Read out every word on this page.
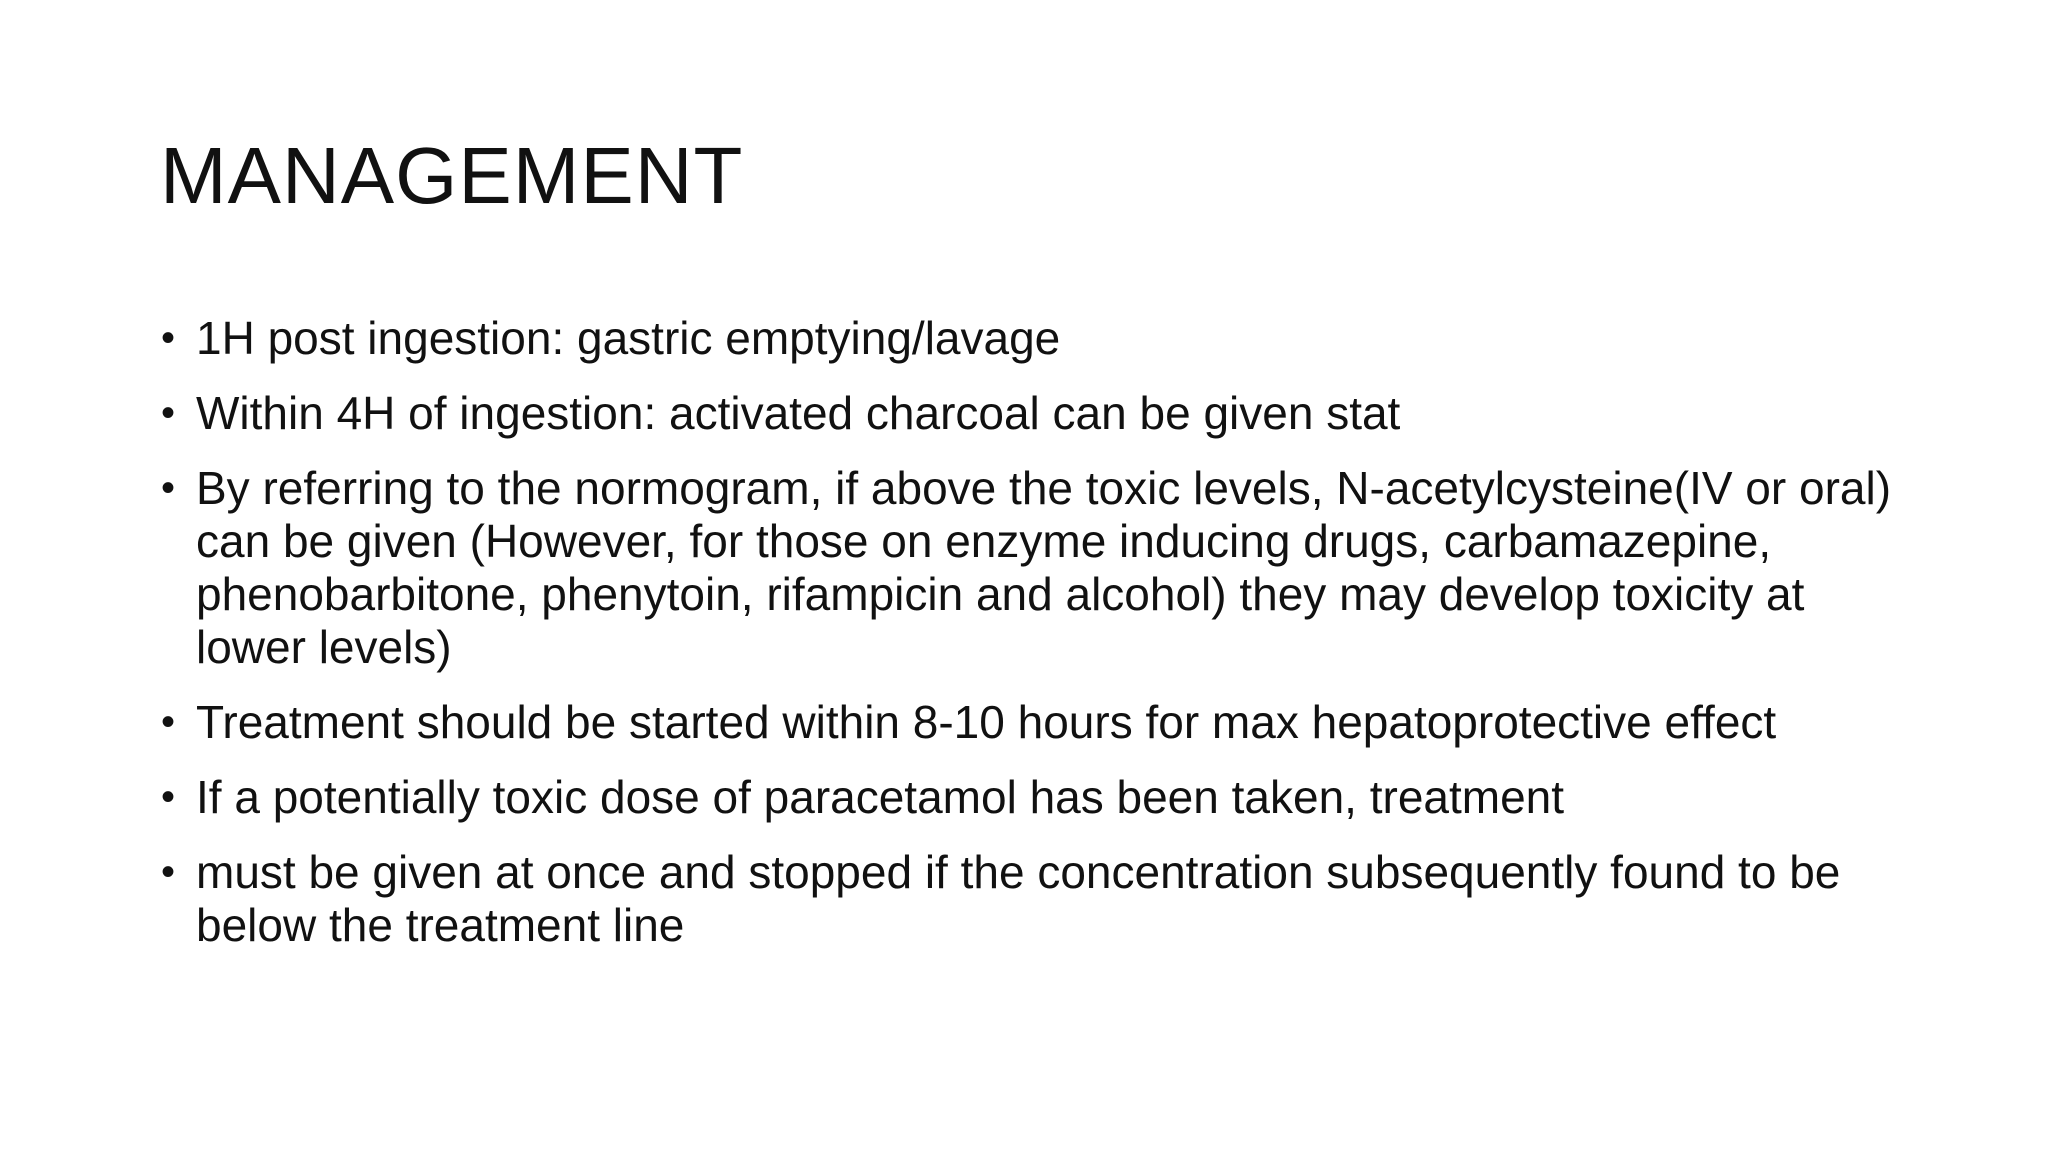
MANAGEMENT
• 1H post ingestion: gastric emptying/lavage
• Within 4H of ingestion: activated charcoal can be given stat
• By referring to the normogram, if above the toxic levels, N-acetylcysteine(IV or oral) can be given (However, for those on enzyme inducing drugs, carbamazepine, phenobarbitone, phenytoin, rifampicin and alcohol) they may develop toxicity at lower levels)
• Treatment should be started within 8-10 hours for max hepatoprotective effect
• If a potentially toxic dose of paracetamol has been taken, treatment
• must be given at once and stopped if the concentration subsequently found to be below the treatment line
